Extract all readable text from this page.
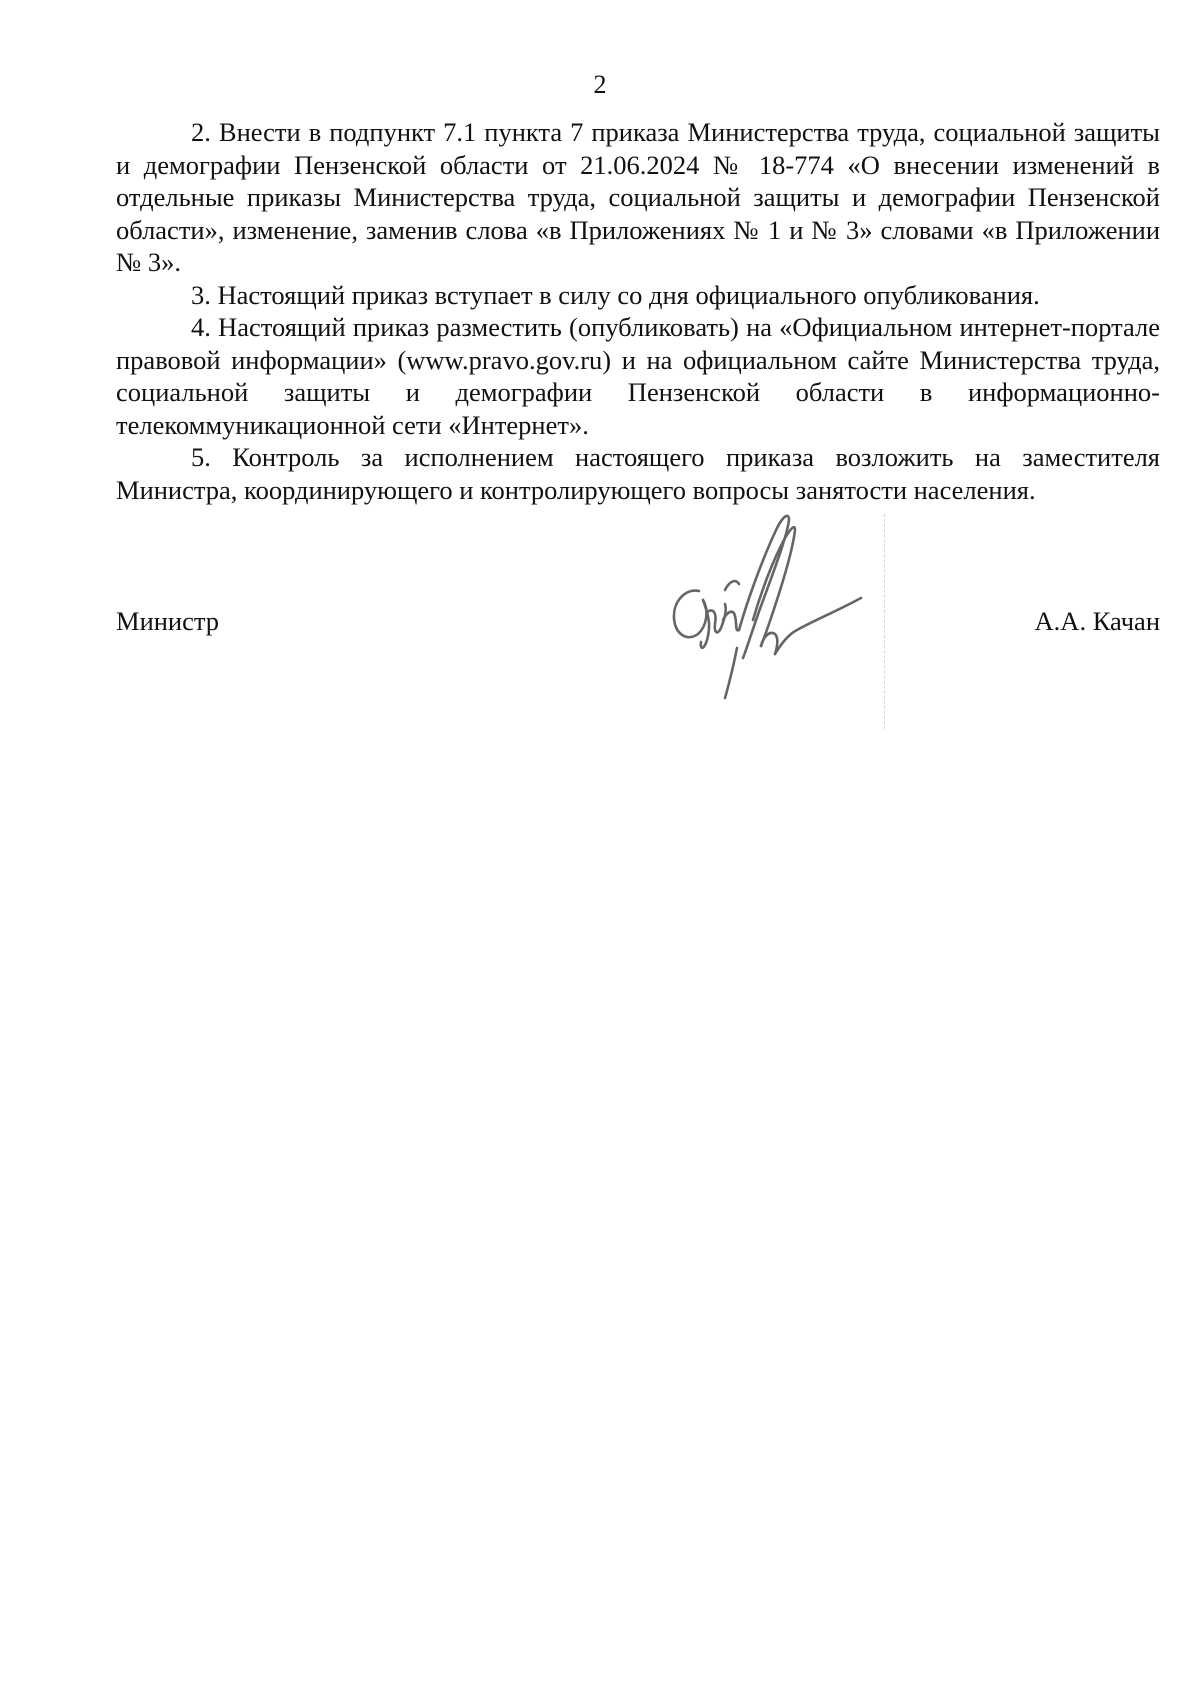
2

2. Внести в подпункт 7.1 пункта 7 приказа Министерства труда, социальной защиты и демографии Пензенской области от 21.06.2024 № 18-774 «О внесении изменений в отдельные приказы Министерства труда, социальной защиты и демографии Пензенской области», изменение, заменив слова «в Приложениях № 1 и № 3» словами «в Приложении № 3».

3. Настоящий приказ вступает в силу со дня официального опубликования.

4. Настоящий приказ разместить (опубликовать) на «Официальном интернет-портале правовой информации» (www.pravo.gov.ru) и на официальном сайте Министерства труда, социальной защиты и демографии Пензенской области в информационно-телекоммуникационной сети «Интернет».

5. Контроль за исполнением настоящего приказа возложить на заместителя Министра, координирующего и контролирующего вопросы занятости населения.

Министр	А.А. Качан
